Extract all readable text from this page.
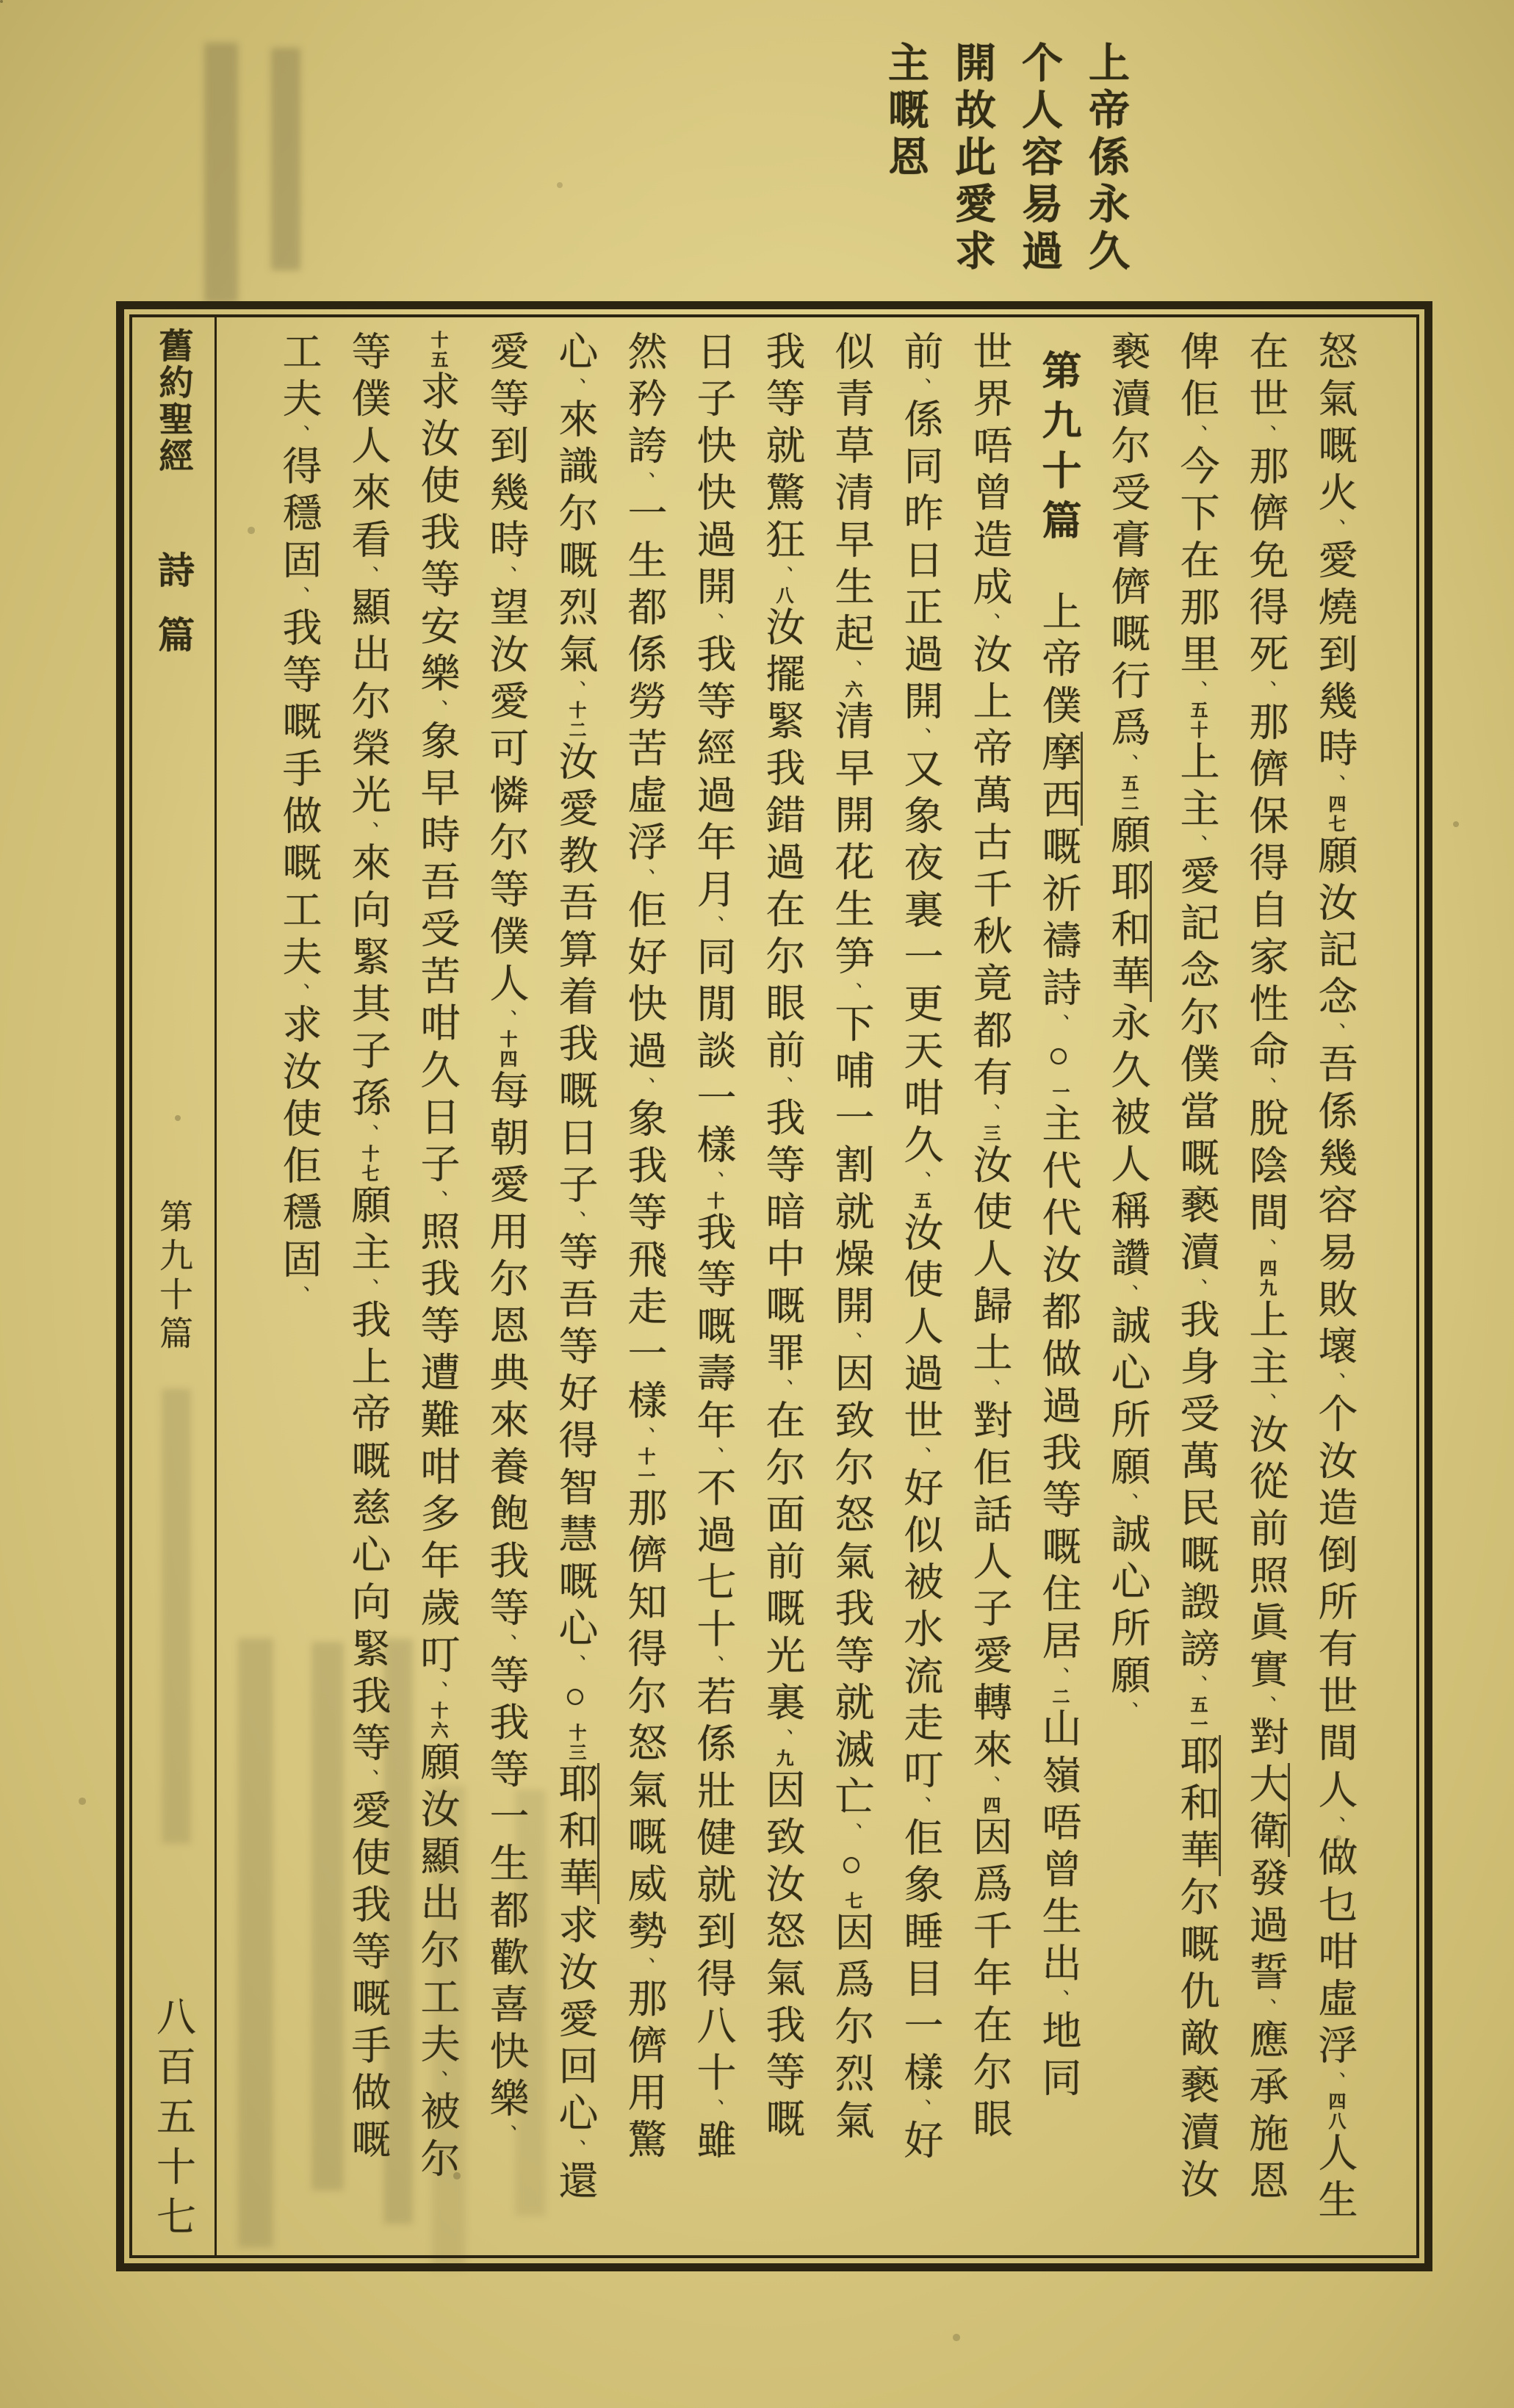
上帝係永久
个人容易過
開故此愛求
主嘅恩
舊約聖經
詩篇
第九十篇
八百五十七
怒氣嘅火、愛燒到幾時、四七願汝記念、吾係幾容易敗壞、个汝造倒所有世間人、做乜咁虛浮、四八人生
在世、那儕免得死、那儕保得自家性命、脫陰間、四九上主、汝從前照眞實、對大衛發過誓、應承施恩
俾佢、今下在那里、五十上主、愛記念尔僕當嘅褻瀆、我身受萬民嘅譭謗、五一耶和華尔嘅仇敵褻瀆汝
褻瀆尔受膏儕嘅行爲、五二願耶和華永久被人稱讚、誠心所願、誠心所願、
第九十篇上帝僕摩西嘅祈禱詩、○一主代代汝都做過我等嘅住居、二山嶺唔曾生出、地同
世界唔曾造成、汝上帝萬古千秋竟都有、三汝使人歸土、對佢話人子愛轉來、四因爲千年在尔眼
前、係同昨日正過開、又象夜裏一更天咁久、五汝使人過世、好似被水流走叮、佢象睡目一樣、好
似青草清早生起、六清早開花生笋、下哺一割就燥開、因致尔怒氣我等就滅亡、○七因爲尔烈氣
我等就驚狂、八汝擺緊我錯過在尔眼前、我等暗中嘅罪、在尔面前嘅光裏、九因致汝怒氣我等嘅
日子快快過開、我等經過年月、同閒談一樣、十我等嘅壽年、不過七十、若係壯健就到得八十、雖
然矜誇、一生都係勞苦虛浮、佢好快過、象我等飛走一樣、十一那儕知得尔怒氣嘅威勢、那儕用驚
心、來識尔嘅烈氣、十二汝愛教吾算着我嘅日子、等吾等好得智慧嘅心、○十三耶和華求汝愛回心、還
愛等到幾時、望汝愛可憐尔等僕人、十四每朝愛用尔恩典來養飽我等、等我等一生都歡喜快樂、
十五求汝使我等安樂、象早時吾受苦咁久日子、照我等遭難咁多年歲叮、十六願汝顯出尔工夫、被尔
等僕人來看、顯出尔榮光、來向緊其子孫、十七願主、我上帝嘅慈心向緊我等、愛使我等嘅手做嘅
工夫、得穩固、我等嘅手做嘅工夫、求汝使佢穩固、
